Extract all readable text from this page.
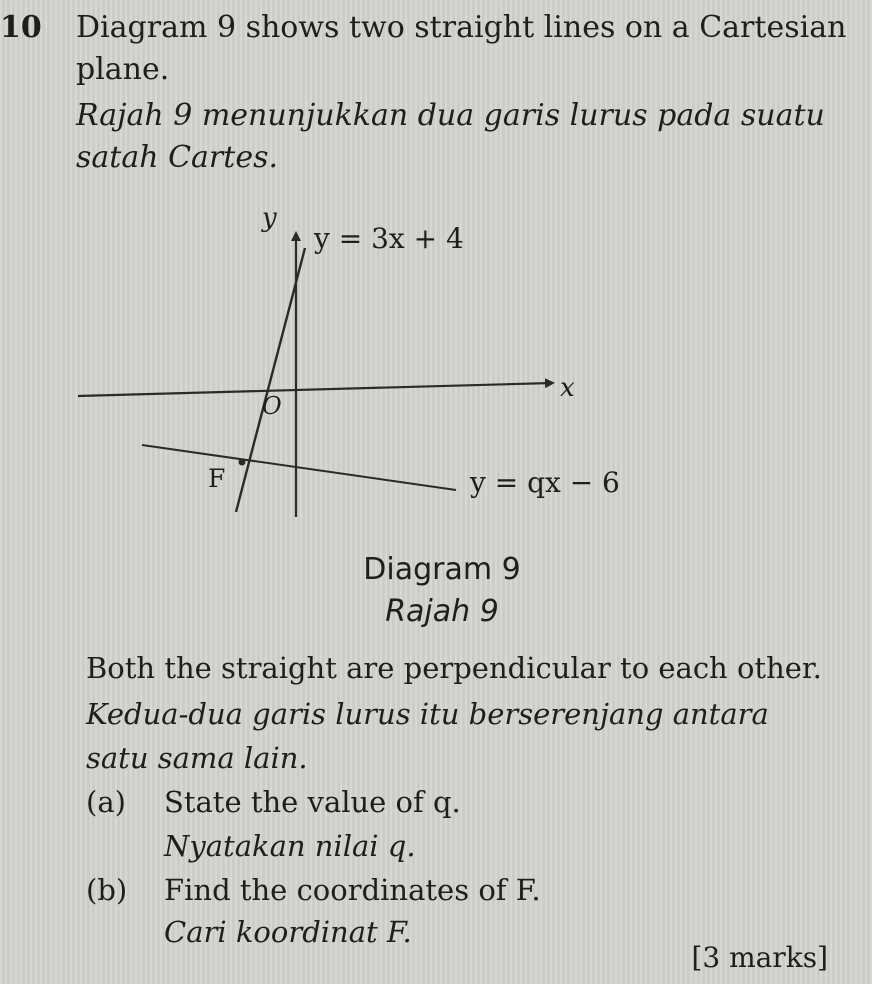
10 Diagram 9 shows two straight lines on a Cartesian
plane.
Rajah 9 menunjukkan dua garis lurus pada suatu
satah Cartes.
y
x
O
F
y = 3x + 4
y = qx − 6
Diagram 9
Rajah 9
Both the straight are perpendicular to each other.
Kedua-dua garis lurus itu berserenjang antara
satu sama lain.
(a) State the value of q.
Nyatakan nilai q.
(b) Find the coordinates of F.
Cari koordinat F.
[3 marks]
